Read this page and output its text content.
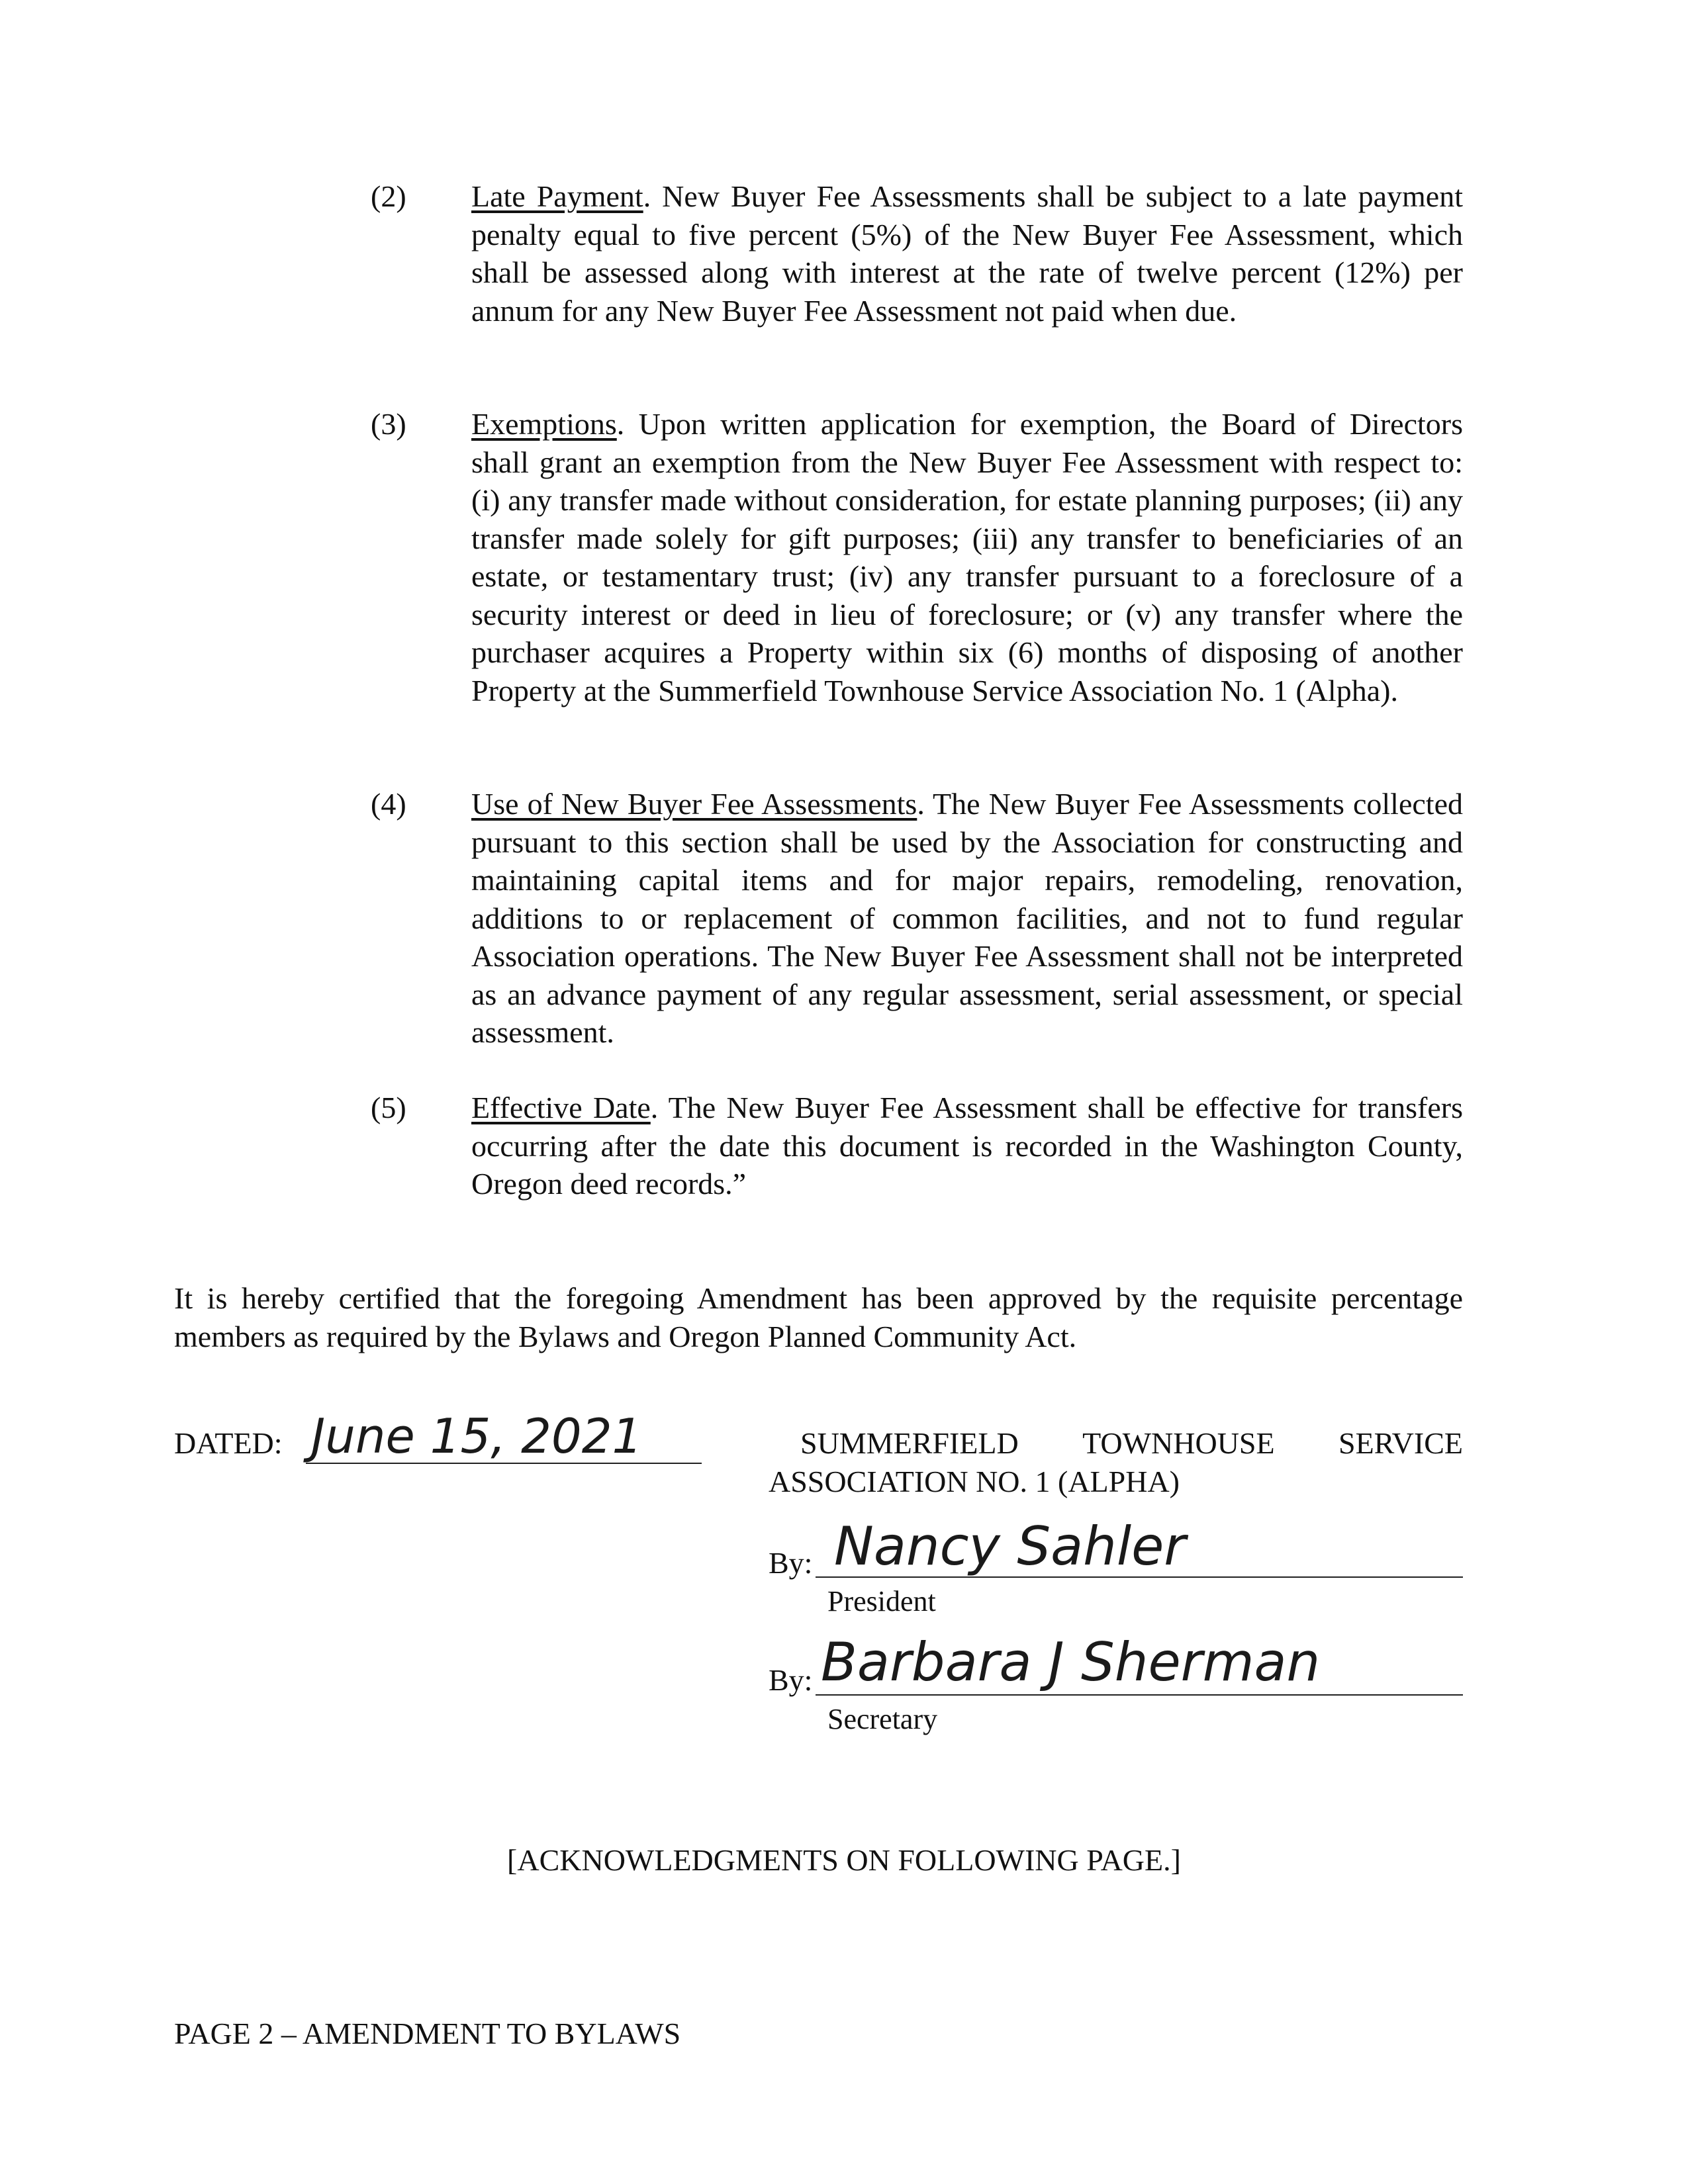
(2) Late Payment. New Buyer Fee Assessments shall be subject to a late payment penalty equal to five percent (5%) of the New Buyer Fee Assessment, which shall be assessed along with interest at the rate of twelve percent (12%) per annum for any New Buyer Fee Assessment not paid when due.
(3) Exemptions. Upon written application for exemption, the Board of Directors shall grant an exemption from the New Buyer Fee Assessment with respect to: (i) any transfer made without consideration, for estate planning purposes; (ii) any transfer made solely for gift purposes; (iii) any transfer to beneficiaries of an estate, or testamentary trust; (iv) any transfer pursuant to a foreclosure of a security interest or deed in lieu of foreclosure; or (v) any transfer where the purchaser acquires a Property within six (6) months of disposing of another Property at the Summerfield Townhouse Service Association No. 1 (Alpha).
(4) Use of New Buyer Fee Assessments. The New Buyer Fee Assessments collected pursuant to this section shall be used by the Association for constructing and maintaining capital items and for major repairs, remodeling, renovation, additions to or replacement of common facilities, and not to fund regular Association operations. The New Buyer Fee Assessment shall not be interpreted as an advance payment of any regular assessment, serial assessment, or special assessment.
(5) Effective Date. The New Buyer Fee Assessment shall be effective for transfers occurring after the date this document is recorded in the Washington County, Oregon deed records.”
It is hereby certified that the foregoing Amendment has been approved by the requisite percentage members as required by the Bylaws and Oregon Planned Community Act.
DATED: June 15, 2021	SUMMERFIELD TOWNHOUSE SERVICE
ASSOCIATION NO. 1 (ALPHA)
By: Nancy Sahler
President
By: Barbara J Sherman
Secretary
[ACKNOWLEDGMENTS ON FOLLOWING PAGE.]
PAGE 2 – AMENDMENT TO BYLAWS
